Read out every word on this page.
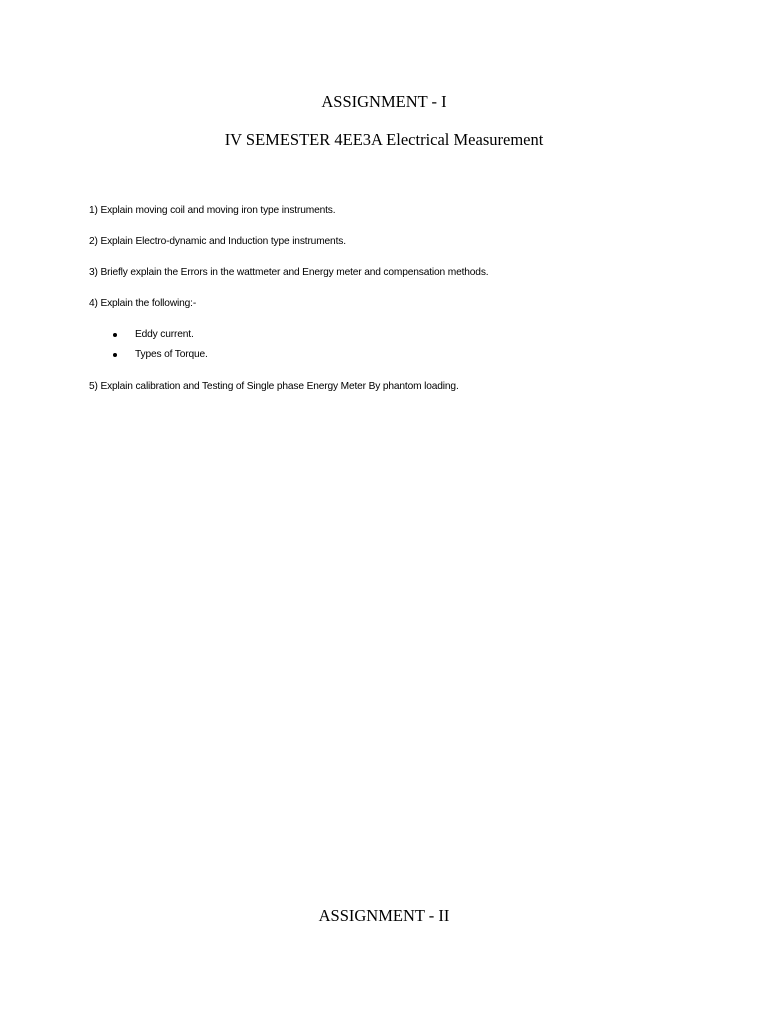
ASSIGNMENT - I
IV SEMESTER 4EE3A Electrical Measurement

1) Explain moving coil and moving iron type instruments.

2) Explain Electro-dynamic and Induction type instruments.

3) Briefly explain the Errors in the wattmeter and Energy meter and compensation methods.

4) Explain the following:-

Eddy current.
Types of Torque.

5) Explain calibration and Testing of Single phase Energy Meter By phantom loading.

ASSIGNMENT - II
